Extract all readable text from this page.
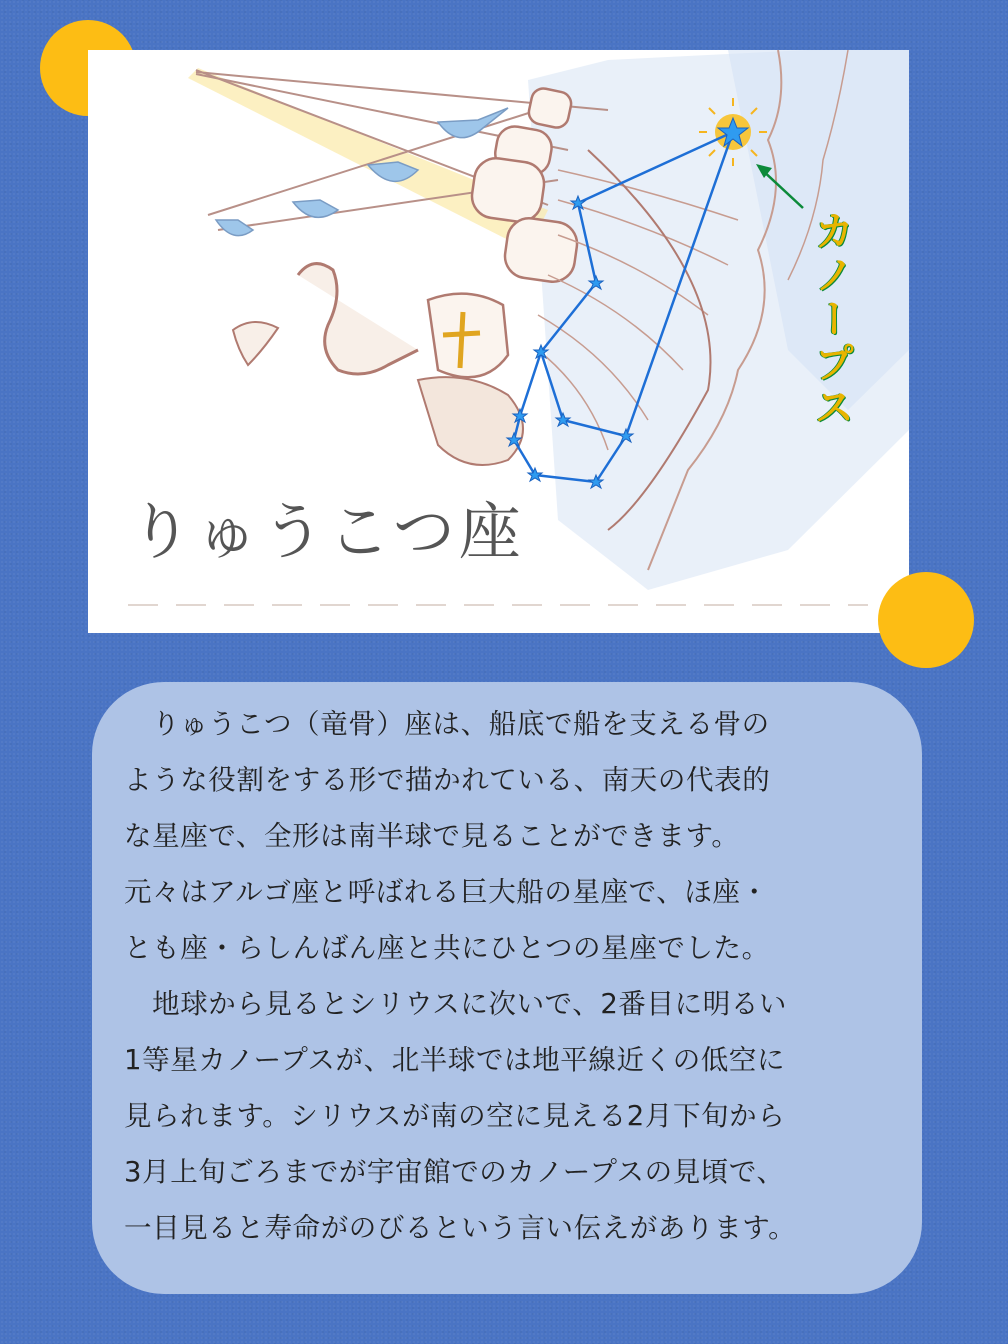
りゅうこつ座
カノープス

　りゅうこつ（竜骨）座は、船底で船を支える骨の

ような役割をする形で描かれている、南天の代表的

な星座で、全形は南半球で見ることができます。

元々はアルゴ座と呼ばれる巨大船の星座で、ほ座・

とも座・らしんばん座と共にひとつの星座でした。

　地球から見るとシリウスに次いで、2番目に明るい

1等星カノープスが、北半球では地平線近くの低空に

見られます。シリウスが南の空に見える2月下旬から

3月上旬ごろまでが宇宙館でのカノープスの見頃で、

一目見ると寿命がのびるという言い伝えがあります。
